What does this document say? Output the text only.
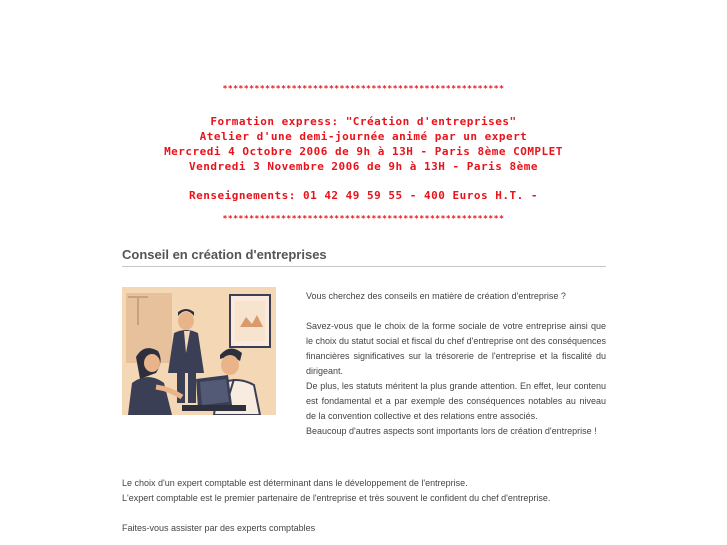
*****************************************************
Formation express: "Création d'entreprises"
Atelier d'une demi-journée animé par un expert
Mercredi 4 Octobre 2006 de 9h à 13H - Paris 8ème COMPLET
Vendredi 3 Novembre 2006 de 9h à 13H - Paris 8ème
Renseignements: 01 42 49 59 55 - 400 Euros H.T. -
*****************************************************
Conseil en création d'entreprises

Vous cherchez des conseils en matière de création d'entreprise ?

Savez-vous que le choix de la forme sociale de votre entreprise ainsi que le choix du statut social et fiscal du chef d'entreprise ont des conséquences financières significatives sur la trésorerie de l'entreprise et la fiscalité du dirigeant.

De plus, les statuts méritent la plus grande attention. En effet, leur contenu est fondamental et a par exemple des conséquences notables au niveau de la convention collective et des relations entre associés.

Beaucoup d'autres aspects sont importants lors de création d'entreprise !

Le choix d'un expert comptable est déterminant dans le développement de l'entreprise.

L'expert comptable est le premier partenaire de l'entreprise et très souvent le confident du chef d'entreprise.

Faites-vous assister par des experts comptables
